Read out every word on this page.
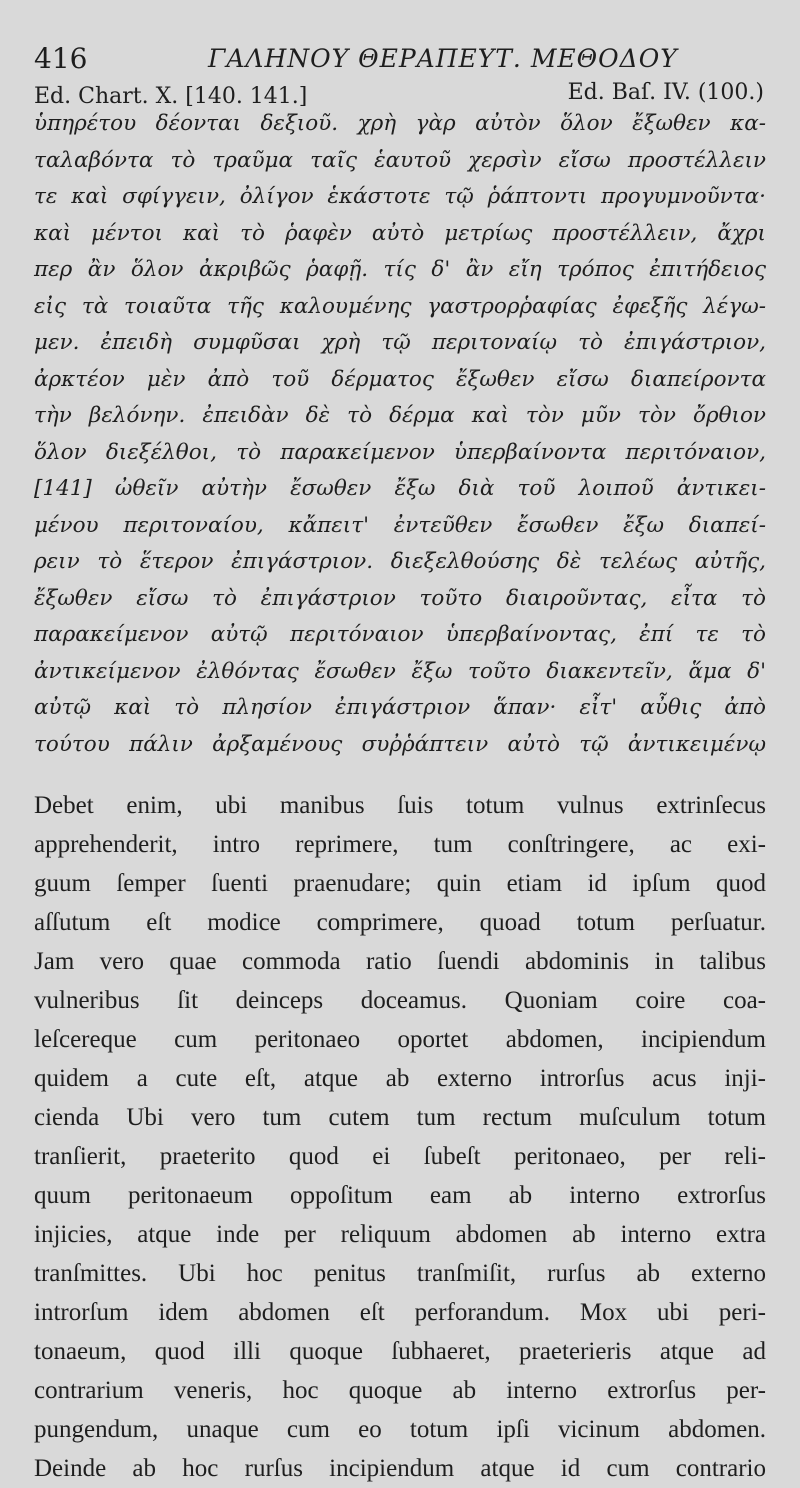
416	ΓΑΛΗΝΟΥ ΘΕΡΑΠΕΥΤ. ΜΕΘΟΔΟΥ
Ed. Chart. X. [140. 141.]	Ed. Baſ. IV. (100.)
ὑπηρέτου δέονται δεξιοῦ. χρὴ γὰρ αὐτὸν ὅλον ἔξωθεν κα-
ταλαβόντα τὸ τραῦμα ταῖς ἑαυτοῦ χερσὶν εἴσω προστέλλειν
τε καὶ σφίγγειν, ὀλίγον ἑκάστοτε τῷ ῥάπτοντι προγυμνοῦντα·
καὶ μέντοι καὶ τὸ ῥαφὲν αὐτὸ μετρίως προστέλλειν, ἄχρι
περ ἂν ὅλον ἀκριβῶς ῥαφῇ. τίς δ' ἂν εἴη τρόπος ἐπιτήδειος
εἰς τὰ τοιαῦτα τῆς καλουμένης γαστρορῥαφίας ἐφεξῆς λέγω-
μεν. ἐπειδὴ συμφῦσαι χρὴ τῷ περιτοναίῳ τὸ ἐπιγάστριον,
ἀρκτέον μὲν ἀπὸ τοῦ δέρματος ἔξωθεν εἴσω διαπείροντα
τὴν βελόνην. ἐπειδὰν δὲ τὸ δέρμα καὶ τὸν μῦν τὸν ὄρθιον
ὅλον διεξέλθοι, τὸ παρακείμενον ὑπερβαίνοντα περιτόναιον,
[141] ὠθεῖν αὐτὴν ἔσωθεν ἔξω διὰ τοῦ λοιποῦ ἀντικει-
μένου περιτοναίου, κἄπειτ' ἐντεῦθεν ἔσωθεν ἔξω διαπεί-
ρειν τὸ ἕτερον ἐπιγάστριον. διεξελθούσης δὲ τελέως αὐτῆς,
ἔξωθεν εἴσω τὸ ἐπιγάστριον τοῦτο διαιροῦντας, εἶτα τὸ
παρακείμενον αὐτῷ περιτόναιον ὑπερβαίνοντας, ἐπί τε τὸ
ἀντικείμενον ἐλθόντας ἔσωθεν ἔξω τοῦτο διακεντεῖν, ἅμα δ'
αὐτῷ καὶ τὸ πλησίον ἐπιγάστριον ἅπαν· εἶτ' αὖθις ἀπὸ
τούτου πάλιν ἀρξαμένους συῤῥάπτειν αὐτὸ τῷ ἀντικειμένῳ
Debet enim, ubi manibus ſuis totum vulnus extrinſecus
apprehenderit, intro reprimere, tum conſtringere, ac exi-
guum ſemper ſuenti praenudare; quin etiam id ipſum quod
aſſutum eſt modice comprimere, quoad totum perſuatur.
Jam vero quae commoda ratio ſuendi abdominis in talibus
vulneribus ſit deinceps doceamus. Quoniam coire coa-
leſcereque cum peritonaeo oportet abdomen, incipiendum
quidem a cute eſt, atque ab externo introrſus acus inji-
cienda Ubi vero tum cutem tum rectum muſculum totum
tranſierit, praeterito quod ei ſubeſt peritonaeo, per reli-
quum peritonaeum oppoſitum eam ab interno extrorſus
injicies, atque inde per reliquum abdomen ab interno extra
tranſmittes. Ubi hoc penitus tranſmiſit, rurſus ab externo
introrſum idem abdomen eſt perforandum. Mox ubi peri-
tonaeum, quod illi quoque ſubhaeret, praeterieris atque ad
contrarium veneris, hoc quoque ab interno extrorſus per-
pungendum, unaque cum eo totum ipſi vicinum abdomen.
Deinde ab hoc rurſus incipiendum atque id cum contrario
